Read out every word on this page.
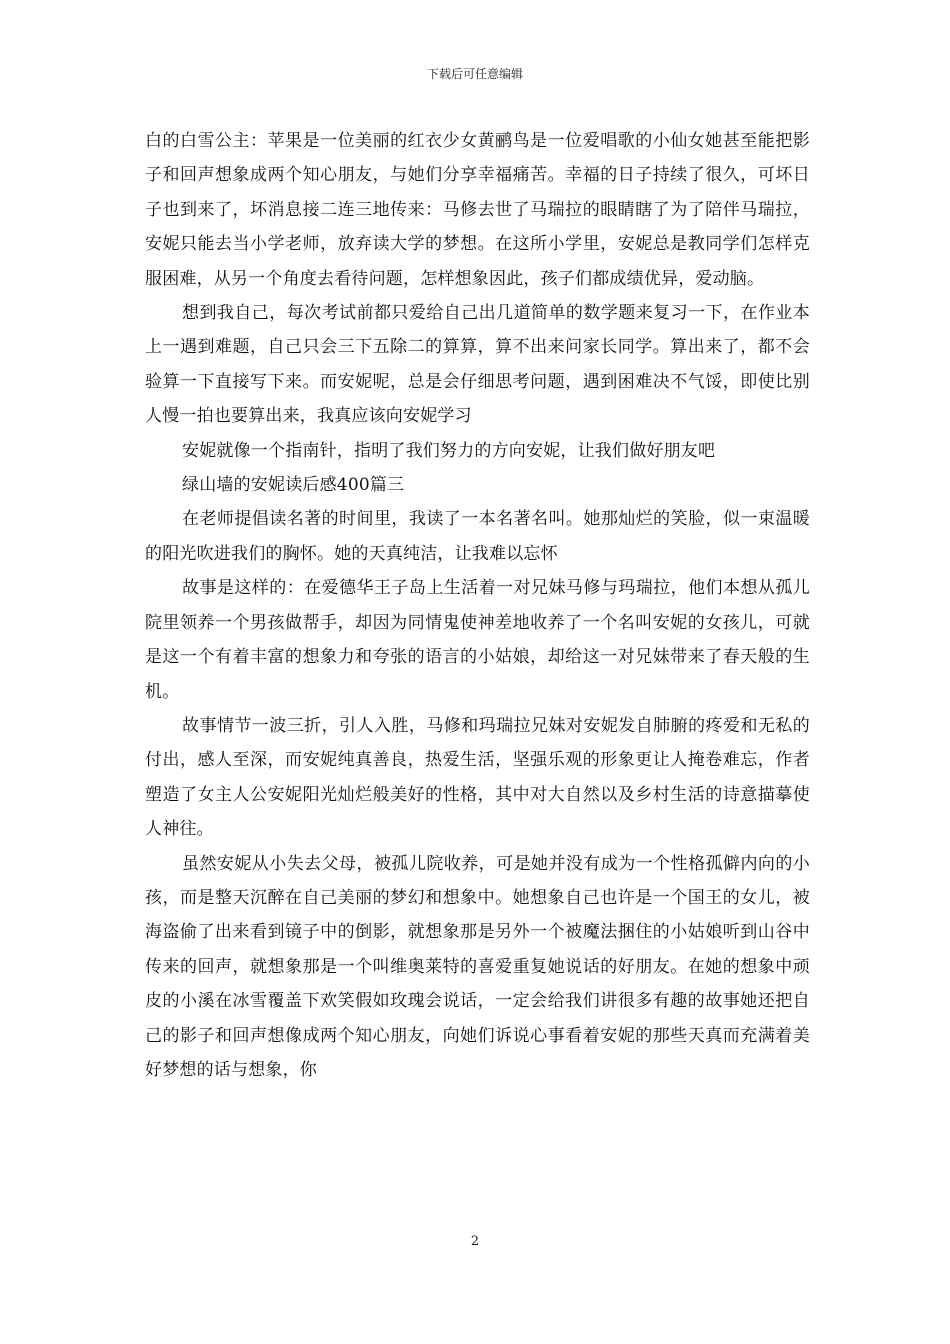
下载后可任意编辑

白的白雪公主：苹果是一位美丽的红衣少女黄鹂鸟是一位爱唱歌的小仙女她甚至能把影子和回声想象成两个知心朋友，与她们分享幸福痛苦。幸福的日子持续了很久，可坏日子也到来了，坏消息接二连三地传来：马修去世了马瑞拉的眼睛瞎了为了陪伴马瑞拉，安妮只能去当小学老师，放弃读大学的梦想。在这所小学里，安妮总是教同学们怎样克服困难，从另一个角度去看待问题，怎样想象因此，孩子们都成绩优异，爱动脑。

想到我自己，每次考试前都只爱给自己出几道简单的数学题来复习一下，在作业本上一遇到难题，自己只会三下五除二的算算，算不出来问家长同学。算出来了，都不会验算一下直接写下来。而安妮呢，总是会仔细思考问题，遇到困难决不气馁，即使比别人慢一拍也要算出来，我真应该向安妮学习

安妮就像一个指南针，指明了我们努力的方向安妮，让我们做好朋友吧

绿山墙的安妮读后感400篇三

在老师提倡读名著的时间里，我读了一本名著名叫。她那灿烂的笑脸，似一束温暖的阳光吹进我们的胸怀。她的天真纯洁，让我难以忘怀

故事是这样的：在爱德华王子岛上生活着一对兄妹马修与玛瑞拉，他们本想从孤儿院里领养一个男孩做帮手，却因为同情鬼使神差地收养了一个名叫安妮的女孩儿，可就是这一个有着丰富的想象力和夸张的语言的小姑娘，却给这一对兄妹带来了春天般的生机。

故事情节一波三折，引人入胜，马修和玛瑞拉兄妹对安妮发自肺腑的疼爱和无私的付出，感人至深，而安妮纯真善良，热爱生活，坚强乐观的形象更让人掩卷难忘，作者塑造了女主人公安妮阳光灿烂般美好的性格，其中对大自然以及乡村生活的诗意描摹使人神往。

虽然安妮从小失去父母，被孤儿院收养，可是她并没有成为一个性格孤僻内向的小孩，而是整天沉醉在自己美丽的梦幻和想象中。她想象自己也许是一个国王的女儿，被海盗偷了出来看到镜子中的倒影，就想象那是另外一个被魔法捆住的小姑娘听到山谷中传来的回声，就想象那是一个叫维奥莱特的喜爱重复她说话的好朋友。在她的想象中顽皮的小溪在冰雪覆盖下欢笑假如玫瑰会说话，一定会给我们讲很多有趣的故事她还把自己的影子和回声想像成两个知心朋友，向她们诉说心事看着安妮的那些天真而充满着美好梦想的话与想象，你

2
